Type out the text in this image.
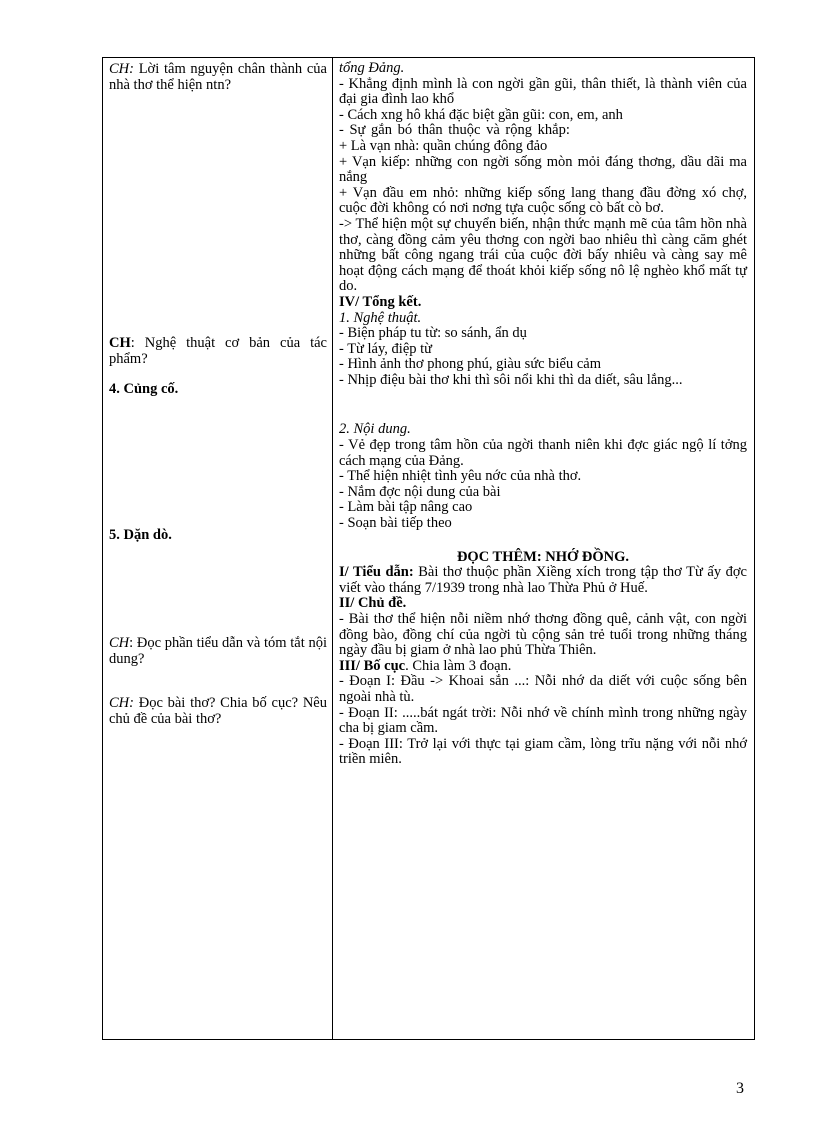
CH: Lời tâm nguyện chân thành của nhà thơ thể hiện ntn?

CH: Nghệ thuật cơ bản của tác phẩm?

4. Củng cố.

5. Dặn dò.

CH: Đọc phần tiểu dẫn và tóm tắt nội dung?

CH: Đọc bài thơ? Chia bố cục? Nêu chủ đề của bài thơ?

tổng Đảng.

- Khẳng định mình là con ngời gần gũi, thân thiết, là thành viên của đại gia đình lao khổ

- Cách xng hô khá đặc biệt gần gũi: con, em, anh

- Sự gắn bó thân thuộc và rộng khắp:

+ Là vạn nhà: quần chúng đông đảo

+ Vạn kiếp: những con ngời sống mòn mỏi đáng thơng, dầu dãi ma nắng

+ Vạn đầu em nhỏ: những kiếp sống lang thang đầu đờng xó chợ, cuộc đời không có nơi nơng tựa cuộc sống cò bất cò bơ.

-> Thể hiện một sự chuyển biến, nhận thức mạnh mẽ của tâm hồn nhà thơ, càng đồng cảm yêu thơng con ngời bao nhiêu thì càng căm ghét những bất công ngang trái của cuộc đời bấy nhiêu và càng say mê hoạt động cách mạng để thoát khỏi kiếp sống nô lệ nghèo khổ mất tự do.

IV/ Tổng kết.

1. Nghệ thuật.

- Biện pháp tu từ: so sánh, ẩn dụ

- Từ láy, điệp từ

- Hình ảnh thơ phong phú, giàu sức biểu cảm

- Nhịp điệu bài thơ khi thì sôi nổi khi thì da diết, sâu lắng...

2. Nội dung.

- Vẻ đẹp trong tâm hồn của ngời thanh niên khi đợc giác ngộ lí tởng cách mạng của Đảng.

- Thể hiện nhiệt tình yêu nớc của nhà thơ.

- Nắm đợc nội dung của bài

- Làm bài tập nâng cao

- Soạn bài tiếp theo

ĐỌC THÊM: NHỚ ĐỒNG.

I/ Tiểu dẫn: Bài thơ thuộc phần Xiềng xích trong tập thơ Từ ấy đợc viết vào tháng 7/1939 trong nhà lao Thừa Phủ ở Huế.

II/ Chủ đề.

- Bài thơ thể hiện nỗi niềm nhớ thơng đồng quê, cảnh vật, con ngời đồng bào, đồng chí của ngời tù cộng sản trẻ tuổi trong những tháng ngày đầu bị giam ở nhà lao phủ Thừa Thiên.

III/ Bố cục. Chia làm 3 đoạn.

- Đoạn I: Đầu -> Khoai sắn ...: Nỗi nhớ da diết với cuộc sống bên ngoài nhà tù.

- Đoạn II: .....bát ngát trời: Nỗi nhớ về chính mình trong những ngày cha bị giam cầm.

- Đoạn III: Trở lại với thực tại giam cầm, lòng trĩu nặng với nỗi nhớ triền miên.

3
